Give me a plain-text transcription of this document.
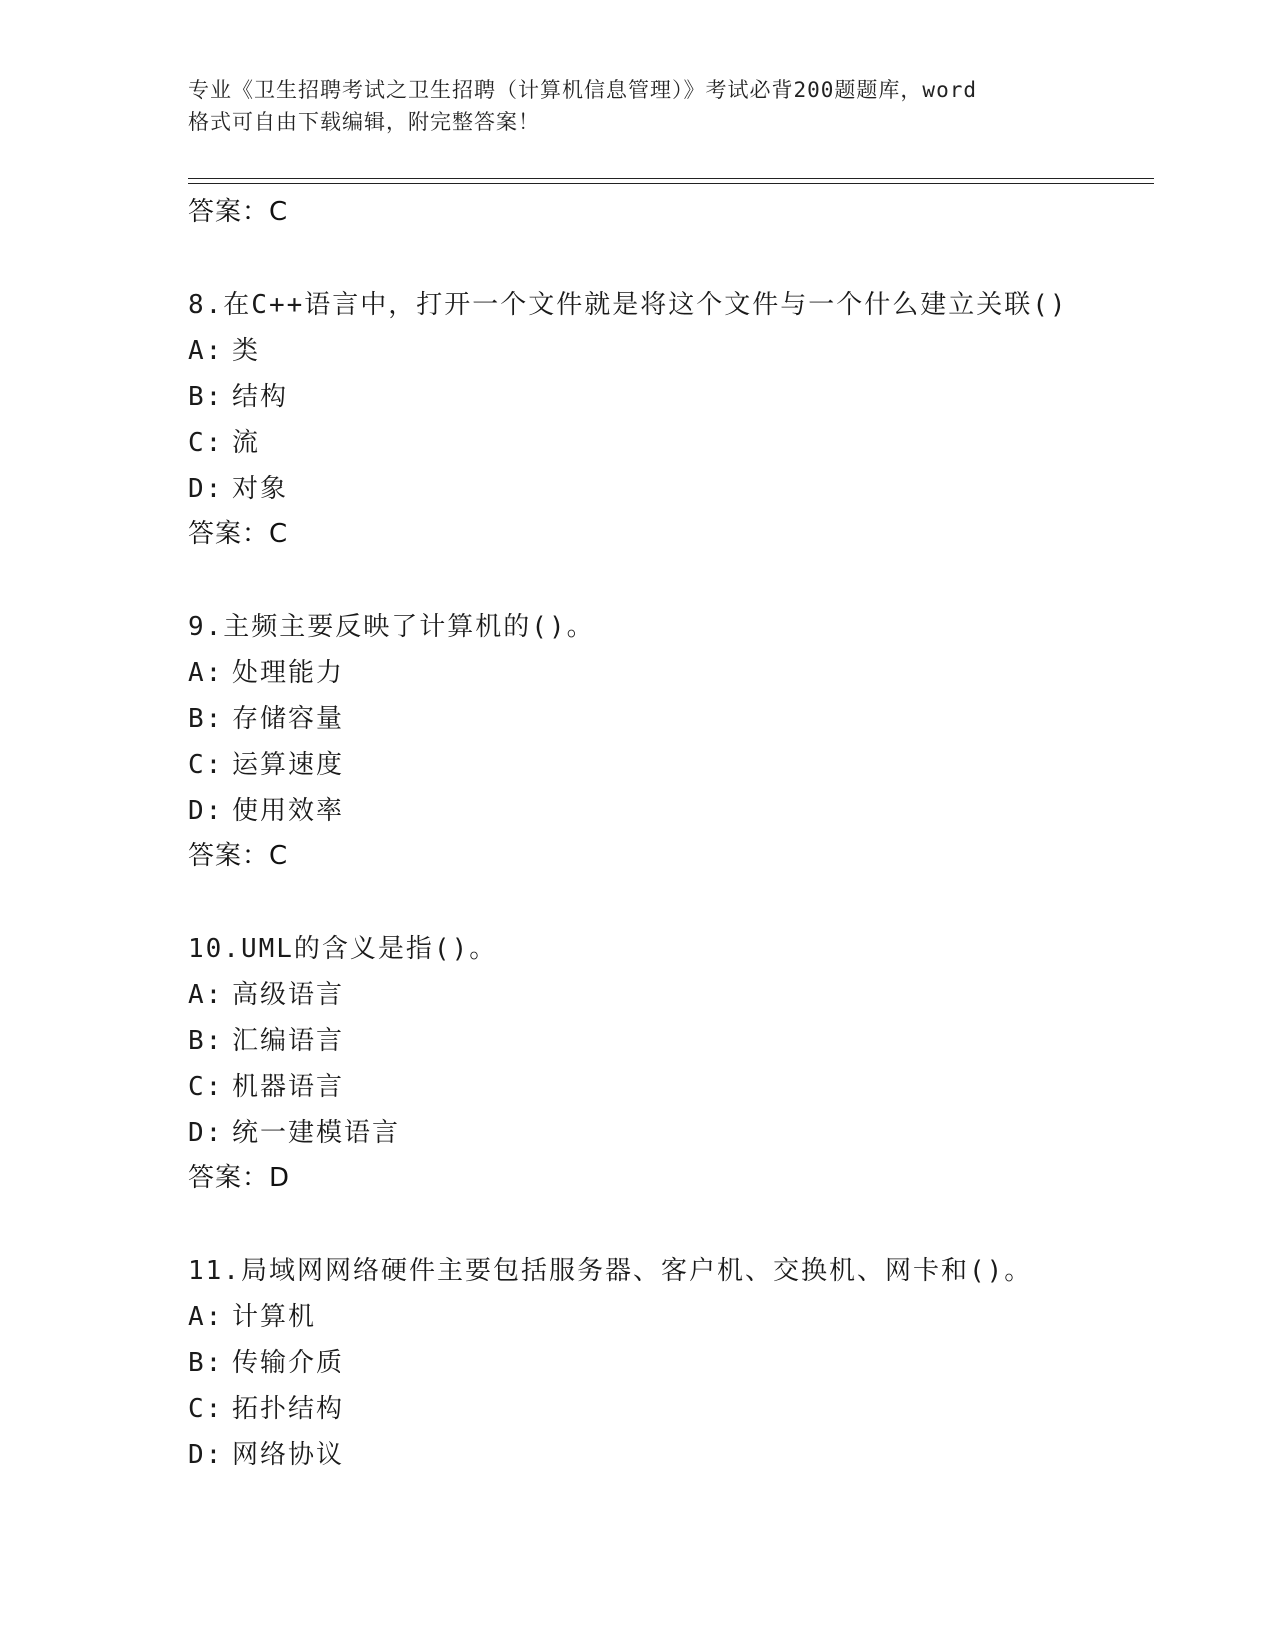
专业《卫生招聘考试之卫生招聘（计算机信息管理）》考试必背200题题库，word
格式可自由下载编辑，附完整答案！
答案：C
8.在C++语言中，打开一个文件就是将这个文件与一个什么建立关联()
A: 类
B: 结构
C: 流
D: 对象
答案：C
9.主频主要反映了计算机的()。
A: 处理能力
B: 存储容量
C: 运算速度
D: 使用效率
答案：C
10.UML的含义是指()。
A: 高级语言
B: 汇编语言
C: 机器语言
D: 统一建模语言
答案：D
11.局域网网络硬件主要包括服务器、客户机、交换机、网卡和()。
A: 计算机
B: 传输介质
C: 拓扑结构
D: 网络协议
